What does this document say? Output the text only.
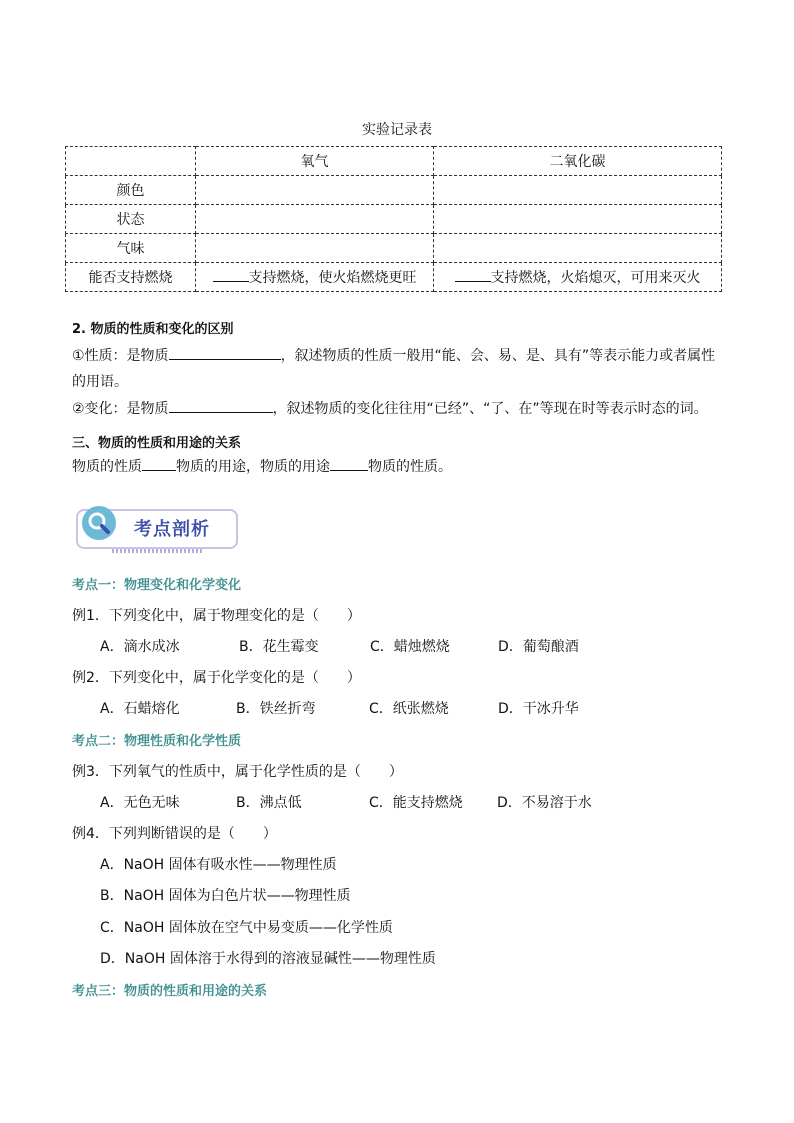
实验记录表
	氧气	二氧化碳
颜色		
状态		
气味		
能否支持燃烧	支持燃烧，使火焰燃烧更旺	支持燃烧，火焰熄灭，可用来灭火
2. 物质的性质和变化的区别
①性质：是物质	，叙述物质的性质一般用“能、会、易、是、具有”等表示能力或者属性
的用语。
②变化：是物质	，叙述物质的变化往往用“已经”、“了、在”等现在时等表示时态的词。
三、物质的性质和用途的关系
物质的性质 物质的用途，物质的用途	物质的性质。
考点剖析
考点一：物理变化和化学变化
例1．下列变化中，属于物理变化的是（　　）
A．滴水成冰	B．花生霉变	C．蜡烛燃烧	D．葡萄酿酒
例2．下列变化中，属于化学变化的是（　　）
A．石蜡熔化	B．铁丝折弯	C．纸张燃烧	D．干冰升华
考点二：物理性质和化学性质
例3．下列氧气的性质中，属于化学性质的是（　　）
A．无色无味	B．沸点低	C．能支持燃烧 D．不易溶于水
例4．下列判断错误的是（　　）
A．NaOH 固体有吸水性——物理性质
B．NaOH 固体为白色片状——物理性质
C．NaOH 固体放在空气中易变质——化学性质
D．NaOH 固体溶于水得到的溶液显碱性——物理性质
考点三：物质的性质和用途的关系
